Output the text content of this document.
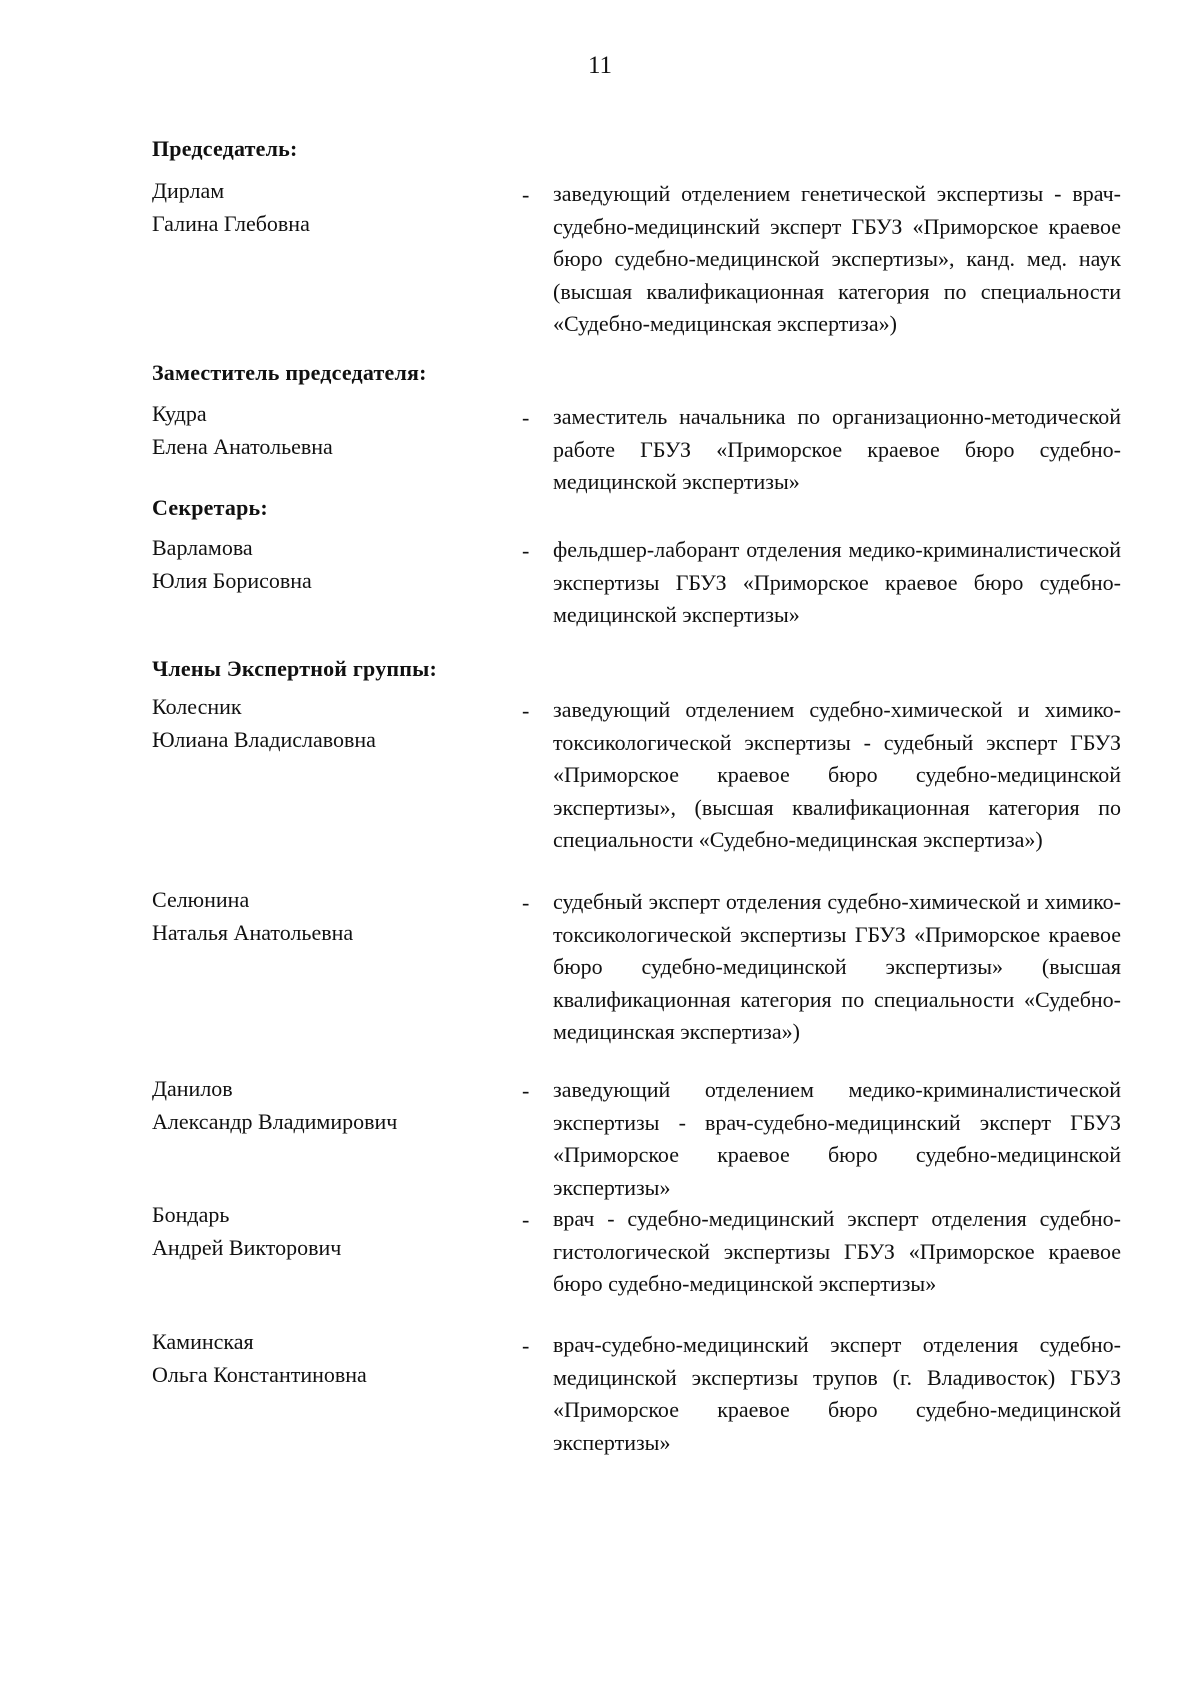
11
Председатель:
Дирлам
Галина Глебовна
- заведующий отделением генетической экспертизы - врач-судебно-медицинский эксперт ГБУЗ «Приморское краевое бюро судебно-медицинской экспертизы», канд. мед. наук (высшая квалификационная категория по специальности «Судебно-медицинская экспертиза»)
Заместитель председателя:
Кудра
Елена Анатольевна
- заместитель начальника по организационно-методической работе ГБУЗ «Приморское краевое бюро судебно-медицинской экспертизы»
Секретарь:
Варламова
Юлия Борисовна
- фельдшер-лаборант отделения медико-криминалистической экспертизы ГБУЗ «Приморское краевое бюро судебно-медицинской экспертизы»
Члены Экспертной группы:
Колесник
Юлиана Владиславовна
- заведующий отделением судебно-химической и химико-токсикологической экспертизы - судебный эксперт ГБУЗ «Приморское краевое бюро судебно-медицинской экспертизы», (высшая квалификационная категория по специальности «Судебно-медицинская экспертиза»)
Селюнина
Наталья Анатольевна
- судебный эксперт отделения судебно-химической и химико-токсикологической экспертизы ГБУЗ «Приморское краевое бюро судебно-медицинской экспертизы» (высшая квалификационная категория по специальности «Судебно-медицинская экспертиза»)
Данилов
Александр Владимирович
- заведующий отделением медико-криминалистической экспертизы - врач-судебно-медицинский эксперт ГБУЗ «Приморское краевое бюро судебно-медицинской экспертизы»
Бондарь
Андрей Викторович
- врач - судебно-медицинский эксперт отделения судебно-гистологической экспертизы ГБУЗ «Приморское краевое бюро судебно-медицинской экспертизы»
Каминская
Ольга Константиновна
- врач-судебно-медицинский эксперт отделения судебно-медицинской экспертизы трупов (г. Владивосток) ГБУЗ «Приморское краевое бюро судебно-медицинской экспертизы»
